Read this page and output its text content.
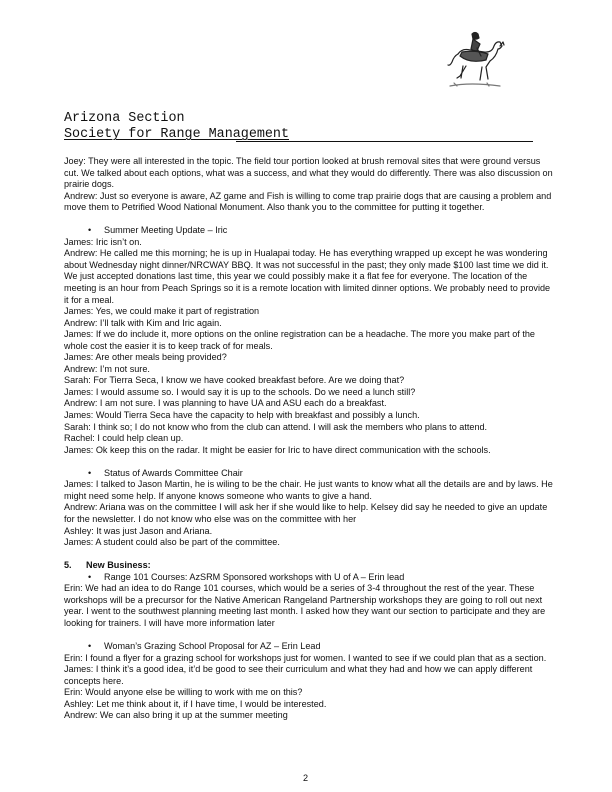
Arizona Section
Society for Range Management

Joey: They were all interested in the topic. The field tour portion looked at brush removal sites that were ground versus cut. We talked about each options, what was a success, and what they would do differently. There was also discussion on prairie dogs.

Andrew: Just so everyone is aware, AZ game and Fish is willing to come trap prairie dogs that are causing a problem and move them to Petrified Wood National Monument. Also thank you to the committee for putting it together.

• Summer Meeting Update – Iric

James: Iric isn’t on.

Andrew: He called me this morning; he is up in Hualapai today. He has everything wrapped up except he was wondering about Wednesday night dinner/NRCWAY BBQ. It was not successful in the past; they only made $100 last time we did it. We just accepted donations last time, this year we could possibly make it a flat fee for everyone. The location of the meeting is an hour from Peach Springs so it is a remote location with limited dinner options. We probably need to provide it for a meal.

James: Yes, we could make it part of registration

Andrew: I’ll talk with Kim and Iric again.

James: If we do include it, more options on the online registration can be a headache. The more you make part of the whole cost the easier it is to keep track of for meals.

James: Are other meals being provided?

Andrew: I’m not sure.

Sarah: For Tierra Seca, I know we have cooked breakfast before. Are we doing that?

James: I would assume so. I would say it is up to the schools. Do we need a lunch still?

Andrew: I am not sure. I was planning to have UA and ASU each do a breakfast.

James: Would Tierra Seca have the capacity to help with breakfast and possibly a lunch.

Sarah: I think so; I do not know who from the club can attend. I will ask the members who plans to attend.

Rachel: I could help clean up.

James: Ok keep this on the radar. It might be easier for Iric to have direct communication with the schools.

• Status of Awards Committee Chair

James: I talked to Jason Martin, he is wiling to be the chair. He just wants to know what all the details are and by laws. He might need some help. If anyone knows someone who wants to give a hand.

Andrew: Ariana was on the committee I will ask her if she would like to help. Kelsey did say he needed to give an update for the newsletter. I do not know who else was on the committee with her

Ashley: It was just Jason and Ariana.

James: A student could also be part of the committee.

5. New Business:

• Range 101 Courses: AzSRM Sponsored workshops with U of A – Erin lead

Erin: We had an idea to do Range 101 courses, which would be a series of 3-4 throughout the rest of the year. These workshops will be a precursor for the Native American Rangeland Partnership workshops they are going to roll out next year. I went to the southwest planning meeting last month. I asked how they want our section to participate and they are looking for trainers. I will have more information later

• Woman’s Grazing School Proposal for AZ – Erin Lead

Erin: I found a flyer for a grazing school for workshops just for women. I wanted to see if we could plan that as a section.

James: I think it’s a good idea, it’d be good to see their curriculum and what they had and how we can apply different concepts here.

Erin: Would anyone else be willing to work with me on this?

Ashley: Let me think about it, if I have time, I would be interested.

Andrew: We can also bring it up at the summer meeting

2
